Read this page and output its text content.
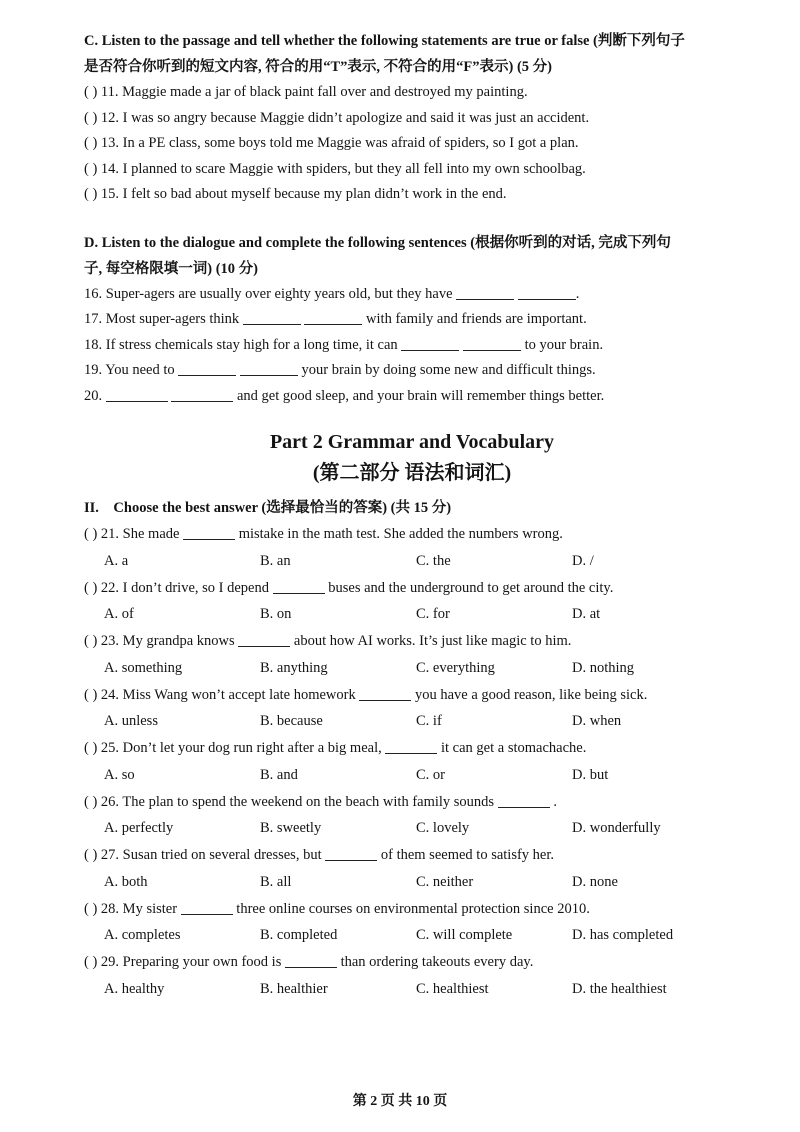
C. Listen to the passage and tell whether the following statements are true or false (判断下列句子

是否符合你听到的短文内容, 符合的用“T”表示, 不符合的用“F”表示) (5 分)

( ) 11. Maggie made a jar of black paint fall over and destroyed my painting.
( ) 12. I was so angry because Maggie didn’t apologize and said it was just an accident.
( ) 13. In a PE class, some boys told me Maggie was afraid of spiders, so I got a plan.
( ) 14. I planned to scare Maggie with spiders, but they all fell into my own schoolbag.
( ) 15. I felt so bad about myself because my plan didn’t work in the end.

D. Listen to the dialogue and complete the following sentences (根据你听到的对话, 完成下列句

子, 每空格限填一词) (10 分)

16. Super-agers are usually over eighty years old, but they have	.
17. Most super-agers think	with family and friends are important.
18. If stress chemicals stay high for a long time, it can	to your brain.
19. You need to	your brain by doing some new and difficult things.
20.	and get good sleep, and your brain will remember things better.
Part 2 Grammar and Vocabulary
(第二部分 语法和词汇)

II. Choose the best answer (选择最恰当的答案) (共 15 分)

( ) 21. She made	mistake in the math test. She added the numbers wrong.
A. a	B. an	C. the	D. /
( ) 22. I don’t drive, so I depend	buses and the underground to get around the city.
A. of	B. on	C. for	D. at
( ) 23. My grandpa knows	about how AI works. It’s just like magic to him.
A. something	B. anything	C. everything	D. nothing
( ) 24. Miss Wang won’t accept late homework	you have a good reason, like being sick.
A. unless	B. because	C. if	D. when
( ) 25. Don’t let your dog run right after a big meal,	it can get a stomachache.
A. so	B. and	C. or	D. but
( ) 26. The plan to spend the weekend on the beach with family sounds	.
A. perfectly	B. sweetly	C. lovely	D. wonderfully
( ) 27. Susan tried on several dresses, but	of them seemed to satisfy her.
A. both	B. all	C. neither	D. none
( ) 28. My sister	three online courses on environmental protection since 2010.
A. completes	B. completed	C. will complete	D. has completed
( ) 29. Preparing your own food is	than ordering takeouts every day.
A. healthy	B. healthier	C. healthiest	D. the healthiest
第 2 页 共 10 页
